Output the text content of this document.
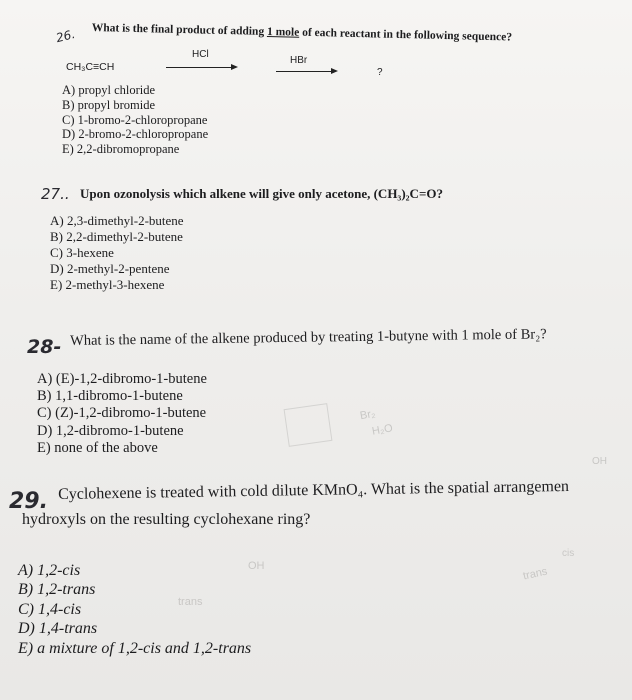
Br₂
H₂O
OH
trans
trans
cis
OH
26. What is the final product of adding 1 mole of each reactant in the following sequence?
CH₃C≡CH
HCl
HBr
?
A) propyl chloride
B) propyl bromide
C) 1-bromo-2-chloropropane
D) 2-bromo-2-chloropropane
E) 2,2-dibromopropane
27.. Upon ozonolysis which alkene will give only acetone, (CH₃)₂C=O?
A) 2,3-dimethyl-2-butene
B) 2,2-dimethyl-2-butene
C) 3-hexene
D) 2-methyl-2-pentene
E) 2-methyl-3-hexene
28- What is the name of the alkene produced by treating 1-butyne with 1 mole of Br₂?
A) (E)-1,2-dibromo-1-butene
B) 1,1-dibromo-1-butene
C) (Z)-1,2-dibromo-1-butene
D) 1,2-dibromo-1-butene
E) none of the above
29. Cyclohexene is treated with cold dilute KMnO₄. What is the spatial arrangemen
hydroxyls on the resulting cyclohexane ring?
A) 1,2-cis
B) 1,2-trans
C) 1,4-cis
D) 1,4-trans
E) a mixture of 1,2-cis and 1,2-trans
